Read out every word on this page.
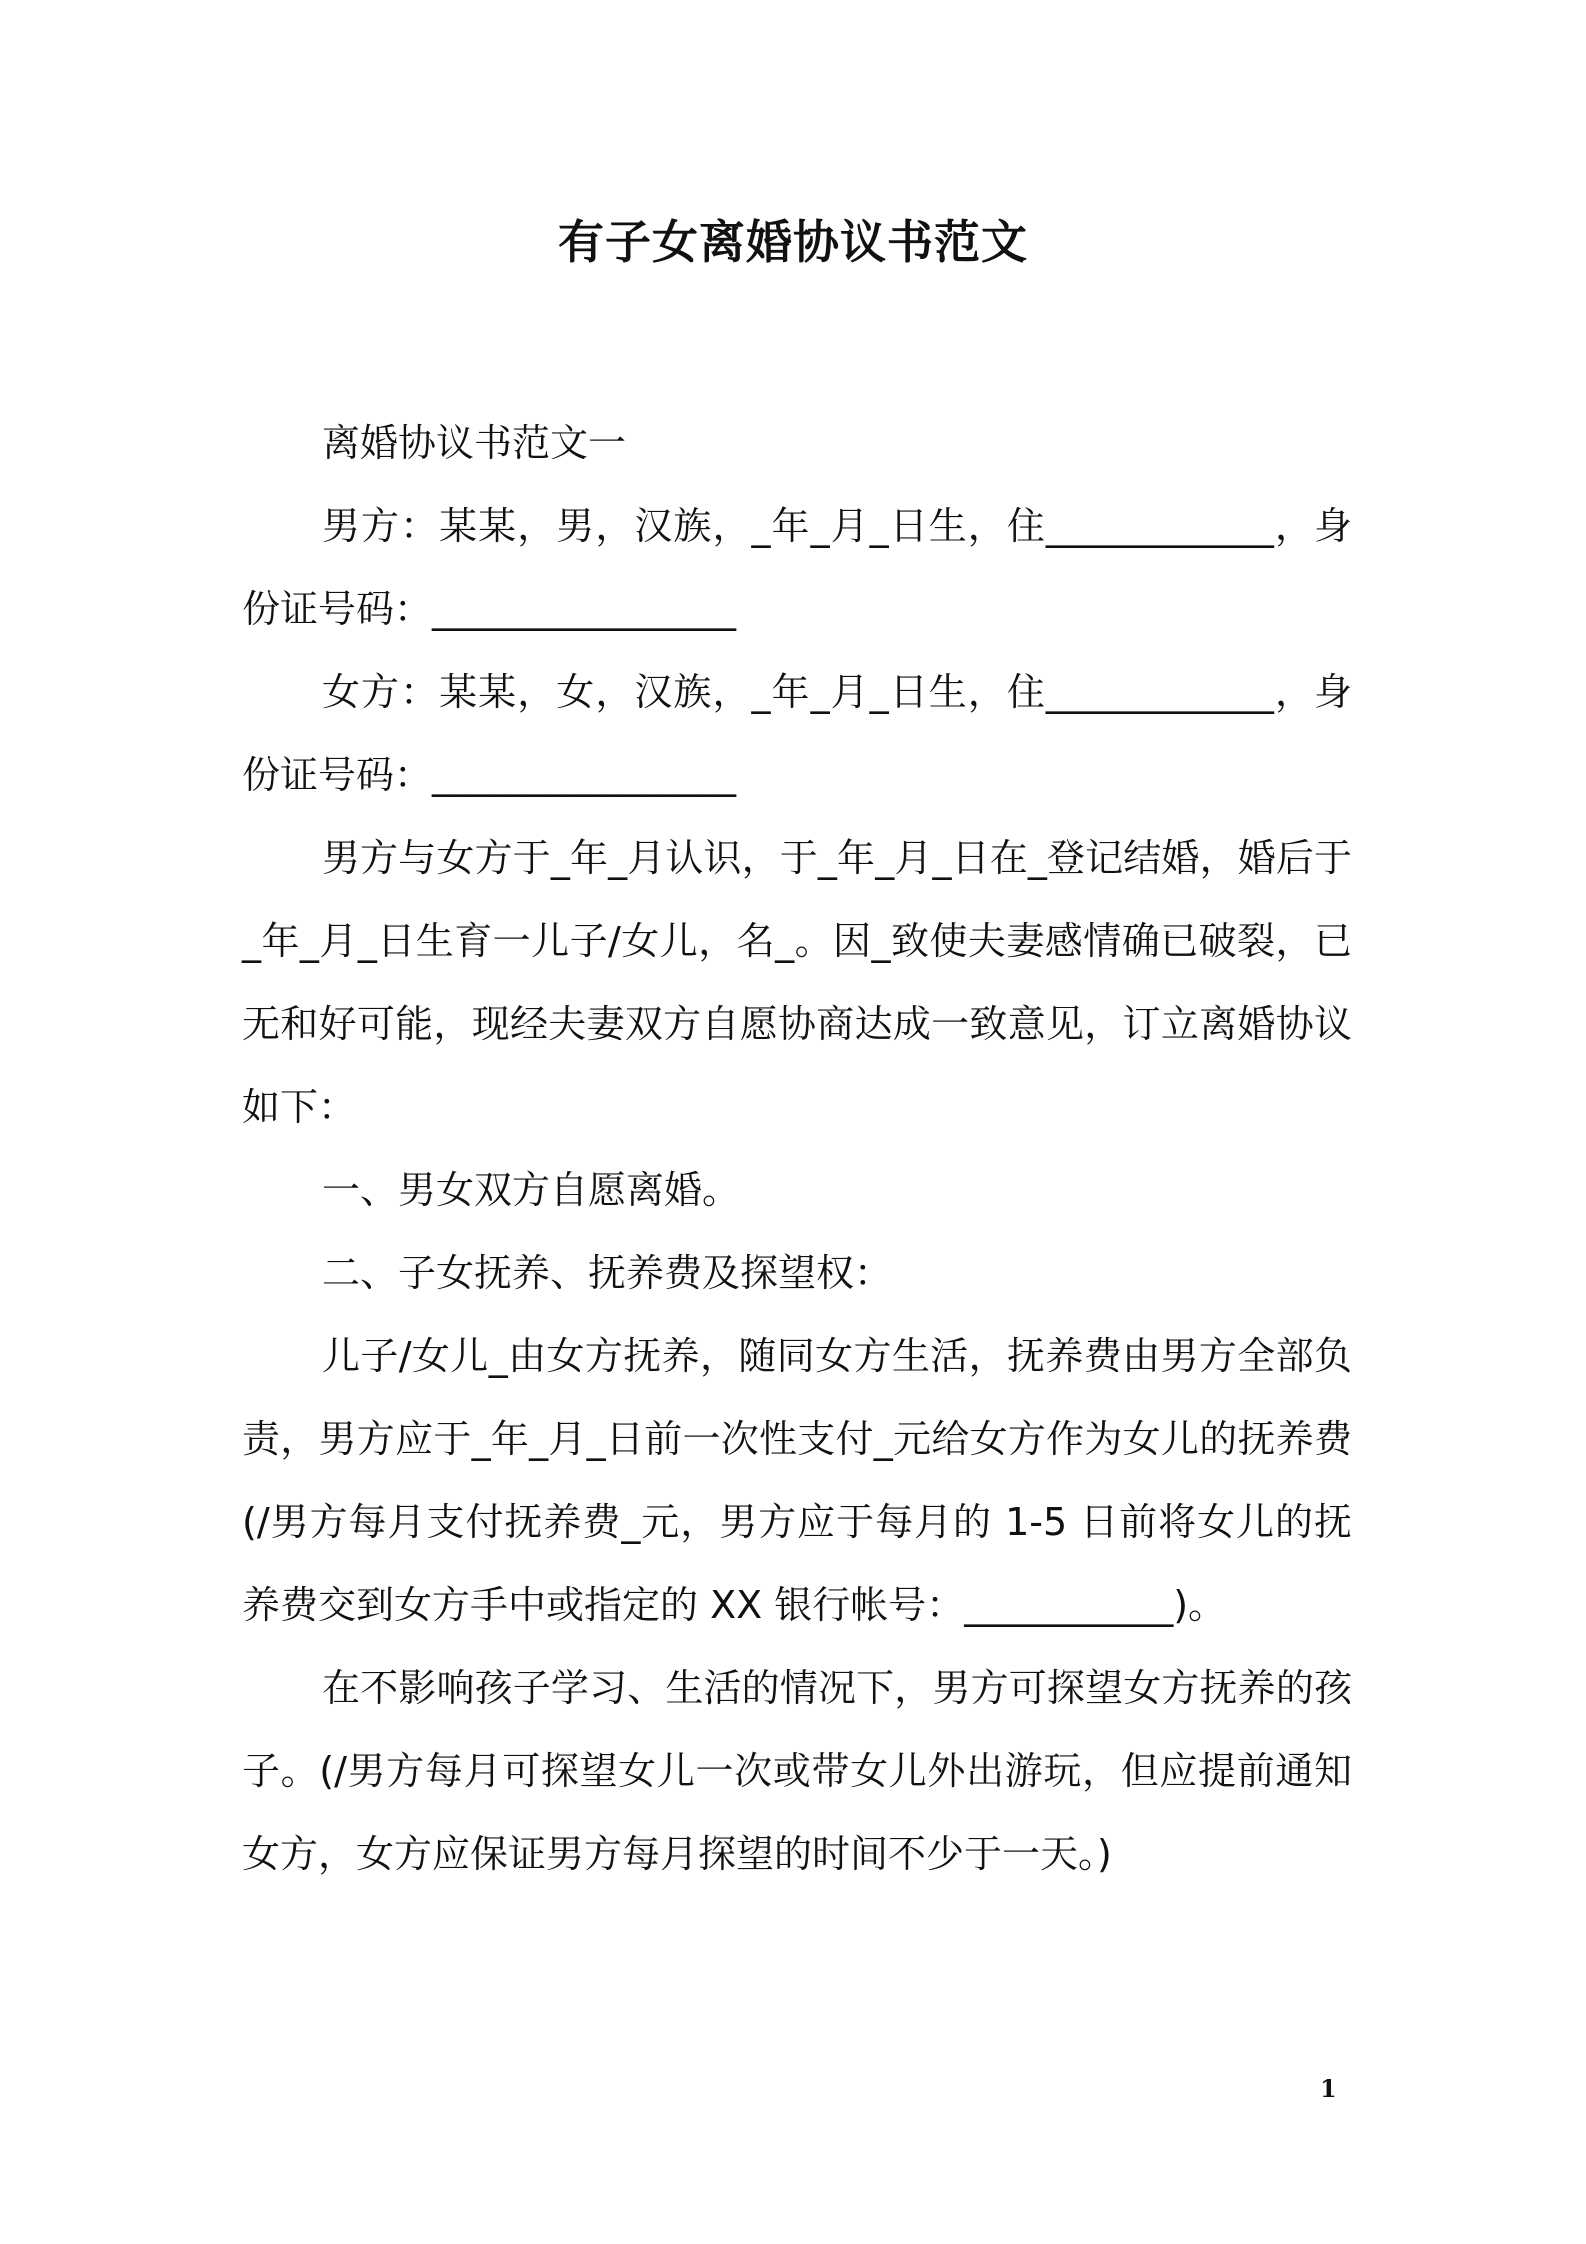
有子女离婚协议书范文

离婚协议书范文一

男方：某某，男，汉族，_年_月_日生，住____________，身份证号码：________________

女方：某某，女，汉族，_年_月_日生，住____________，身份证号码：________________

男方与女方于_年_月认识，于_年_月_日在_登记结婚，婚后于_年_月_日生育一儿子/女儿，名_。因_致使夫妻感情确已破裂，已无和好可能，现经夫妻双方自愿协商达成一致意见，订立离婚协议如下：

一、男女双方自愿离婚。

二、子女抚养、抚养费及探望权：

儿子/女儿_由女方抚养，随同女方生活，抚养费由男方全部负责，男方应于_年_月_日前一次性支付_元给女方作为女儿的抚养费(/男方每月支付抚养费_元，男方应于每月的 1-5 日前将女儿的抚养费交到女方手中或指定的 XX 银行帐号：___________)。

在不影响孩子学习、生活的情况下，男方可探望女方抚养的孩子。(/男方每月可探望女儿一次或带女儿外出游玩，但应提前通知女方，女方应保证男方每月探望的时间不少于一天。)

1
